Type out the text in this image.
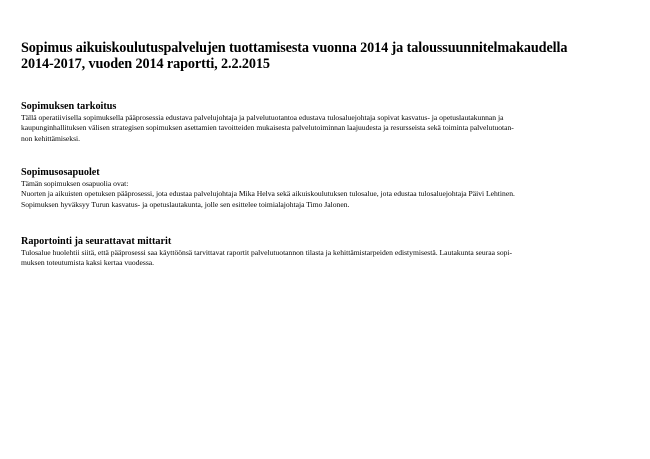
Sopimus aikuiskoulutuspalvelujen tuottamisesta vuonna 2014 ja taloussuunnitelmakaudella
2014-2017, vuoden 2014 raportti, 2.2.2015
Sopimuksen tarkoitus

Tällä operatiivisella sopimuksella pääprosessia edustava palvelujohtaja ja palvelutuotantoa edustava tulosaluejohtaja sopivat kasvatus- ja opetuslautakunnan ja
kaupunginhallituksen välisen strategisen sopimuksen asettamien tavoitteiden mukaisesta palvelutoiminnan laajuudesta ja resursseista sekä toiminta palvelutuotan-
non kehittämiseksi.

Sopimusosapuolet

Tämän sopimuksen osapuolia ovat:
Nuorten ja aikuisten opetuksen pääprosessi, jota edustaa palvelujohtaja Mika Helva sekä aikuiskoulutuksen tulosalue, jota edustaa tulosaluejohtaja Päivi Lehtinen.
Sopimuksen hyväksyy Turun kasvatus- ja opetuslautakunta, jolle sen esittelee toimialajohtaja Timo Jalonen.

Raportointi ja seurattavat mittarit

Tulosalue huolehtii siitä, että pääprosessi saa käyttöönsä tarvittavat raportit palvelutuotannon tilasta ja kehittämistarpeiden edistymisestä. Lautakunta seuraa sopi-
muksen toteutumista kaksi kertaa vuodessa.
